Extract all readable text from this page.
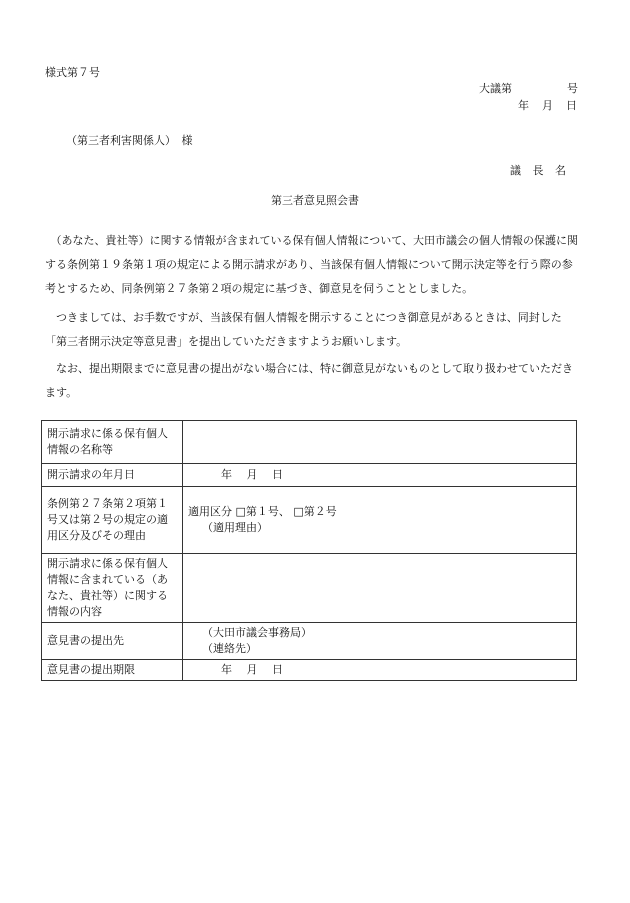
様式第７号
大議第　　　　　号
年　月　日
（第三者利害関係人）　様
議 長 名
第三者意見照会書

　（あなた、貴社等）に関する情報が含まれている保有個人情報について、大田市議会の個人情報の保護に関する条例第１９条第１項の規定による開示請求があり、当該保有個人情報について開示決定等を行う際の参考とするため、同条例第２７条第２項の規定に基づき、御意見を伺うこととしました。

　つきましては、お手数ですが、当該保有個人情報を開示することにつき御意見があるときは、同封した「第三者開示決定等意見書」を提出していただきますようお願いします。

　なお、提出期限までに意見書の提出がない場合には、特に御意見がないものとして取り扱わせていただきます。

開示請求に係る保有個人情報の名称等	
開示請求の年月日	年　 月　 日
条例第２７条第２項第１号又は第２号の規定の適用区分及びその理由	適用区分 □第１号、 □第２号
（適用理由）

開示請求に係る保有個人情報に含まれている（あなた、貴社等）に関する情報の内容	
意見書の提出先	（大田市議会事務局）
（連絡先）

意見書の提出期限	年　 月　 日
